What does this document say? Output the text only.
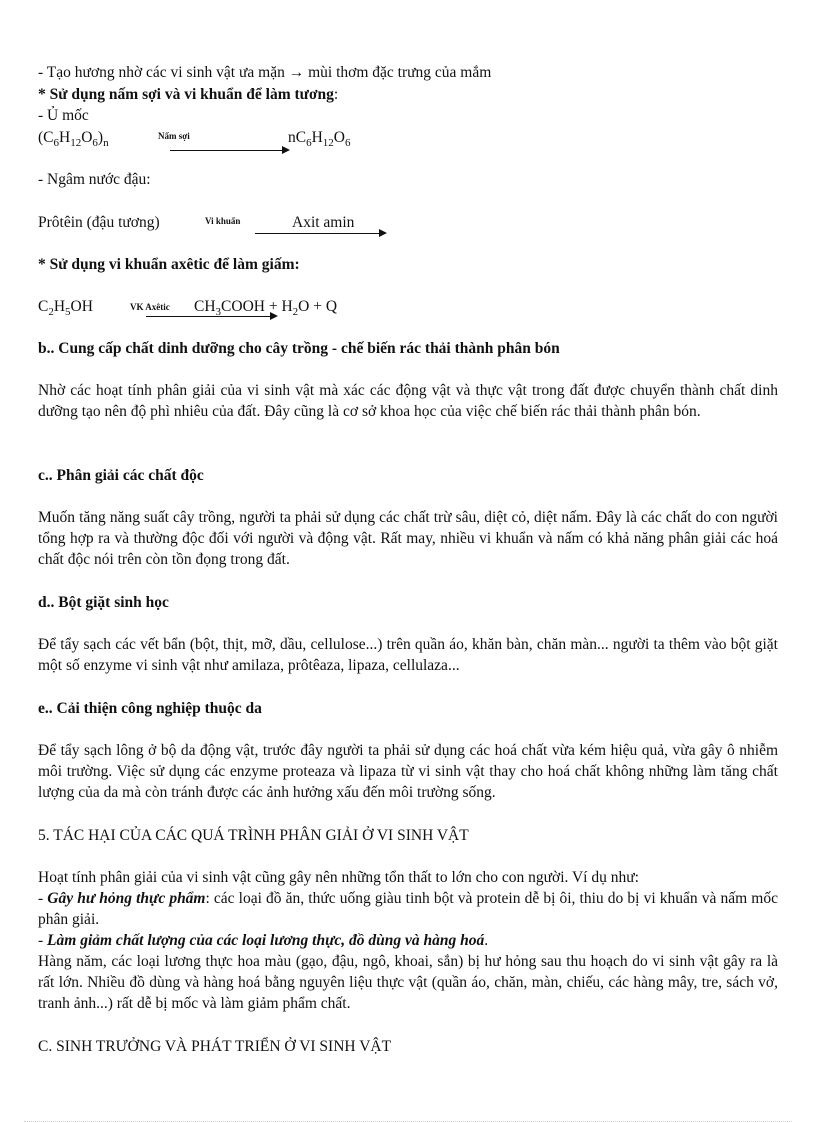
- Tạo hương nhờ các vi sinh vật ưa mặn → mùi thơm đặc trưng của mắm
* Sử dụng nấm sợi và vi khuẩn để làm tương:
- Ủ mốc
$(C_6H_{12}O_6)_n$
Nấm sợi	$nC_6H_{12}O_6$
- Ngâm nước đậu:
Prôtêin (đậu tương)	Vi khuẩn	Axit amin
* Sử dụng vi khuẩn axêtic để làm giấm:
$C_2H_5OH$	VK Axêtic $CH_3COOH + H_2O + Q$
b.. Cung cấp chất dinh dưỡng cho cây trồng - chế biến rác thải thành phân bón
Nhờ các hoạt tính phân giải của vi sinh vật mà xác các động vật và thực vật trong đất được chuyển thành chất dinh dưỡng tạo nên độ phì nhiêu của đất. Đây cũng là cơ sở khoa học của việc chế biến rác thải thành phân bón.
c.. Phân giải các chất độc
Muốn tăng năng suất cây trồng, người ta phải sử dụng các chất trừ sâu, diệt cỏ, diệt nấm. Đây là các chất do con người tổng hợp ra và thường độc đối với người và động vật. Rất may, nhiều vi khuẩn và nấm có khả năng phân giải các hoá chất độc nói trên còn tồn đọng trong đất.
d.. Bột giặt sinh học
Để tẩy sạch các vết bẩn (bột, thịt, mỡ, dầu, cellulose...) trên quần áo, khăn bàn, chăn màn... người ta thêm vào bột giặt một số enzyme vi sinh vật như amilaza, prôtêaza, lipaza, cellulaza...
e.. Cải thiện công nghiệp thuộc da
Để tẩy sạch lông ở bộ da động vật, trước đây người ta phải sử dụng các hoá chất vừa kém hiệu quả, vừa gây ô nhiễm môi trường. Việc sử dụng các enzyme proteaza và lipaza từ vi sinh vật thay cho hoá chất không những làm tăng chất lượng của da mà còn tránh được các ảnh hưởng xấu đến môi trường sống.
5. TÁC HẠI CỦA CÁC QUÁ TRÌNH PHÂN GIẢI Ở VI SINH VẬT
Hoạt tính phân giải của vi sinh vật cũng gây nên những tổn thất to lớn cho con người. Ví dụ như:
- Gây hư hỏng thực phẩm: các loại đồ ăn, thức uống giàu tinh bột và protein dễ bị ôi, thiu do bị vi khuẩn và nấm mốc phân giải.
- Làm giảm chất lượng của các loại lương thực, đồ dùng và hàng hoá.
Hàng năm, các loại lương thực hoa màu (gạo, đậu, ngô, khoai, sắn) bị hư hỏng sau thu hoạch do vi sinh vật gây ra là rất lớn. Nhiều đồ dùng và hàng hoá bằng nguyên liệu thực vật (quần áo, chăn, màn, chiếu, các hàng mây, tre, sách vở, tranh ảnh...) rất dễ bị mốc và làm giảm phẩm chất.
C. SINH TRƯỞNG VÀ PHÁT TRIỂN Ở VI SINH VẬT
